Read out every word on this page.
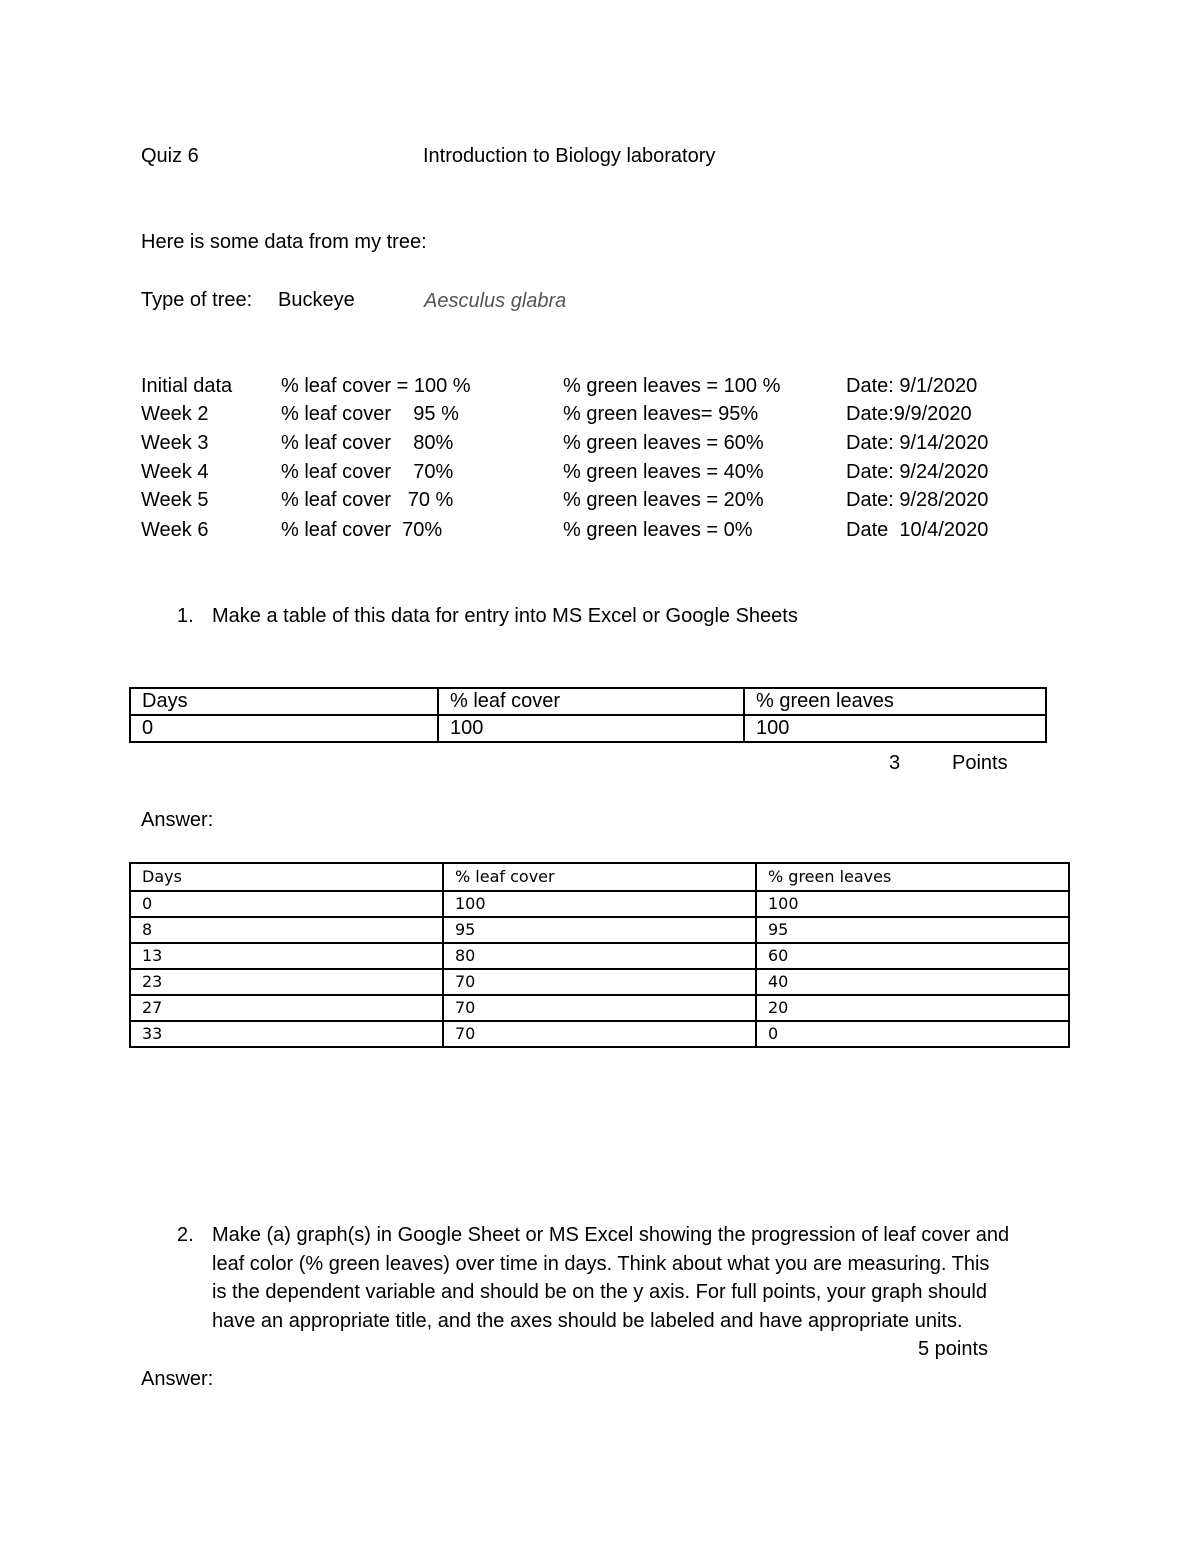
Quiz 6	Introduction to Biology laboratory
Here is some data from my tree:
Type of tree: Buckeye	Aesculus glabra
Initial data % leaf cover = 100 %	% green leaves = 100 %	Date: 9/1/2020
Week 2	% leaf cover    95 %	% green leaves= 95%	Date:9/9/2020
Week 3	% leaf cover    80%	% green leaves = 60%	Date: 9/14/2020
Week 4	% leaf cover    70%	% green leaves = 40%	Date: 9/24/2020
Week 5	% leaf cover   70 %	% green leaves = 20%	Date: 9/28/2020
Week 6	% leaf cover  70%	% green leaves = 0%	Date  10/4/2020
1. Make a table of this data for entry into MS Excel or Google Sheets
Days	% leaf cover	% green leaves
0	100	100
3	Points
Answer:
Days	% leaf cover	% green leaves
0	100	100
8	95	95
13	80	60
23	70	40
27	70	20
33	70	0
2. Make (a) graph(s) in Google Sheet or MS Excel showing the progression of leaf cover and
leaf color (% green leaves) over time in days. Think about what you are measuring. This
is the dependent variable and should be on the y axis. For full points, your graph should
have an appropriate title, and the axes should be labeled and have appropriate units.
5 points
Answer:
